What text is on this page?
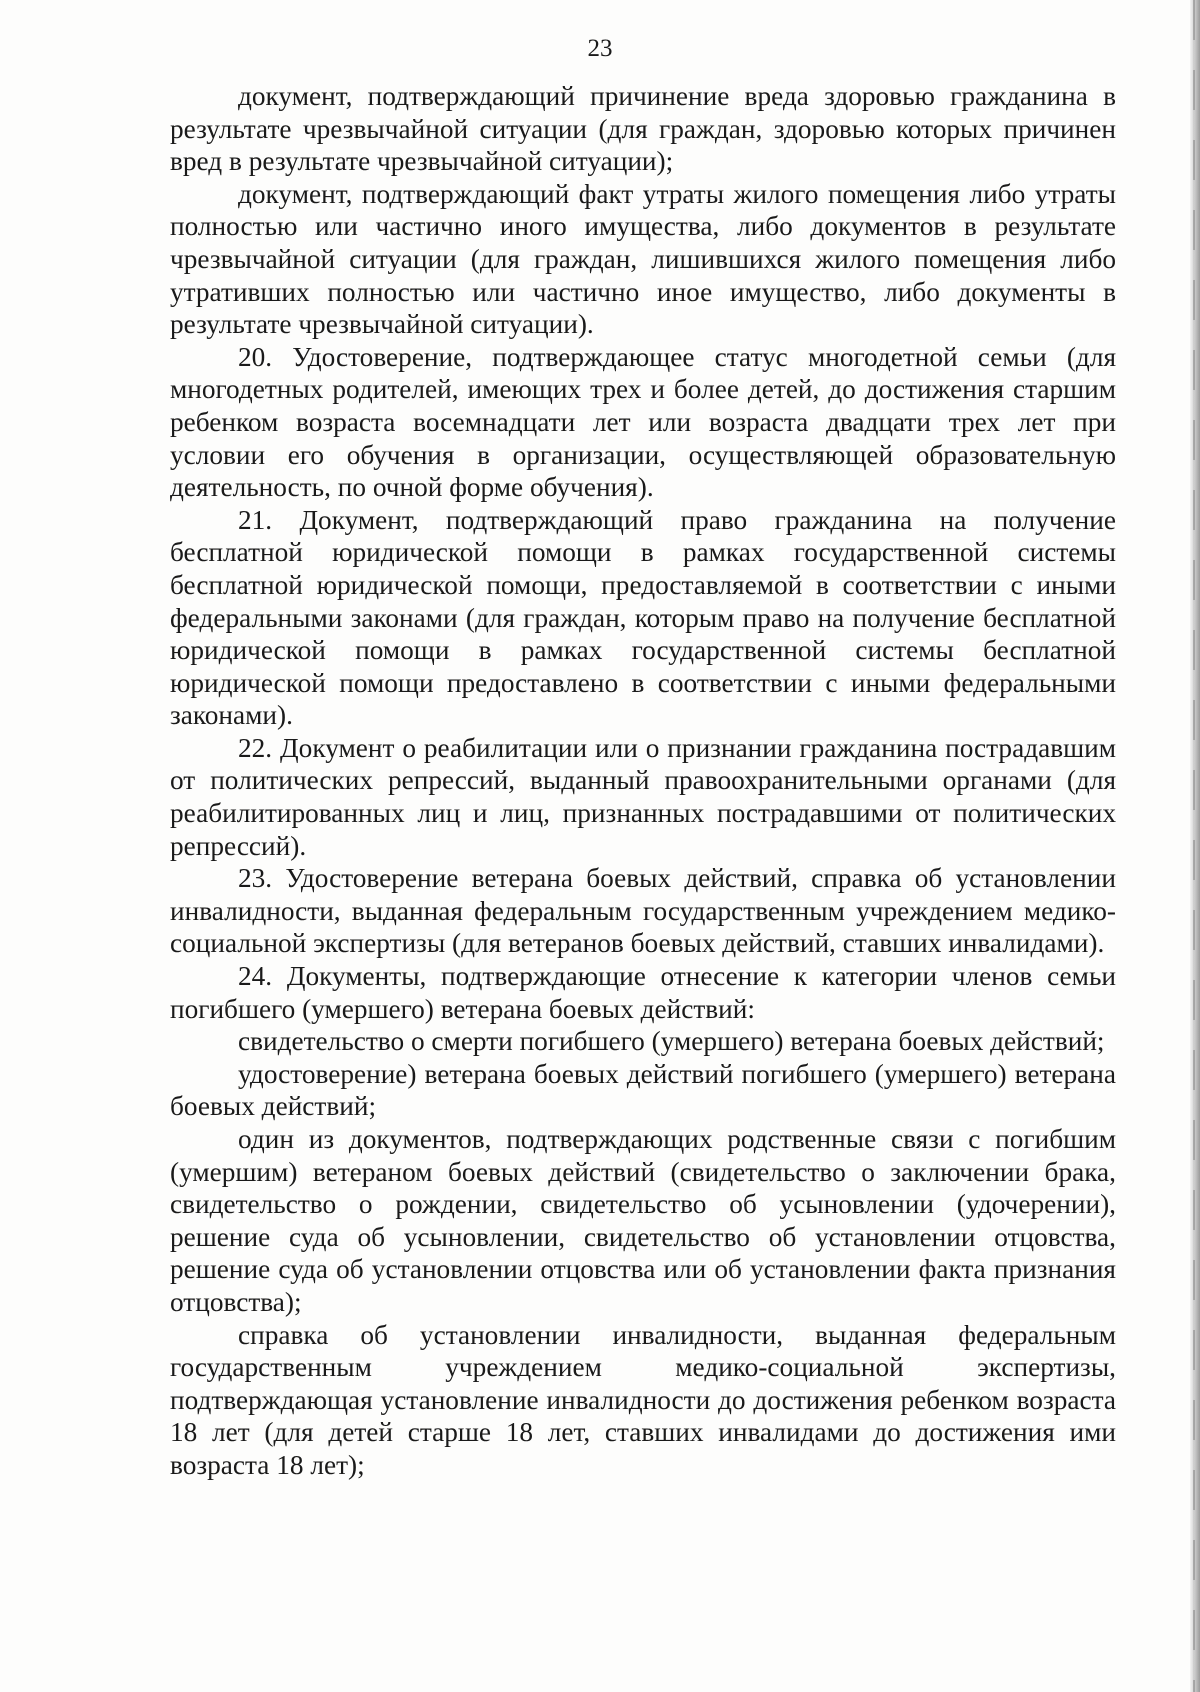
23

документ, подтверждающий причинение вреда здоровью гражданина в результате чрезвычайной ситуации (для граждан, здоровью которых причинен вред в результате чрезвычайной ситуации);

документ, подтверждающий факт утраты жилого помещения либо утраты полностью или частично иного имущества, либо документов в результате чрезвычайной ситуации (для граждан, лишившихся жилого помещения либо утративших полностью или частично иное имущество, либо документы в результате чрезвычайной ситуации).

20. Удостоверение, подтверждающее статус многодетной семьи (для многодетных родителей, имеющих трех и более детей, до достижения старшим ребенком возраста восемнадцати лет или возраста двадцати трех лет при условии его обучения в организации, осуществляющей образовательную деятельность, по очной форме обучения).

21. Документ, подтверждающий право гражданина на получение бесплатной юридической помощи в рамках государственной системы бесплатной юридической помощи, предоставляемой в соответствии с иными федеральными законами (для граждан, которым право на получение бесплатной юридической помощи в рамках государственной системы бесплатной юридической помощи предоставлено в соответствии с иными федеральными законами).

22. Документ о реабилитации или о признании гражданина пострадавшим от политических репрессий, выданный правоохранительными органами (для реабилитированных лиц и лиц, признанных пострадавшими от политических репрессий).

23. Удостоверение ветерана боевых действий, справка об установлении инвалидности, выданная федеральным государственным учреждением медико-социальной экспертизы (для ветеранов боевых действий, ставших инвалидами).

24. Документы, подтверждающие отнесение к категории членов семьи погибшего (умершего) ветерана боевых действий:

свидетельство о смерти погибшего (умершего) ветерана боевых действий;

удостоверение) ветерана боевых действий погибшего (умершего) ветерана боевых действий;

один из документов, подтверждающих родственные связи с погибшим (умершим) ветераном боевых действий (свидетельство о заключении брака, свидетельство о рождении, свидетельство об усыновлении (удочерении), решение суда об усыновлении, свидетельство об установлении отцовства, решение суда об установлении отцовства или об установлении факта признания отцовства);

справка об установлении инвалидности, выданная федеральным государственным учреждением медико-социальной экспертизы, подтверждающая установление инвалидности до достижения ребенком возраста 18 лет (для детей старше 18 лет, ставших инвалидами до достижения ими возраста 18 лет);
